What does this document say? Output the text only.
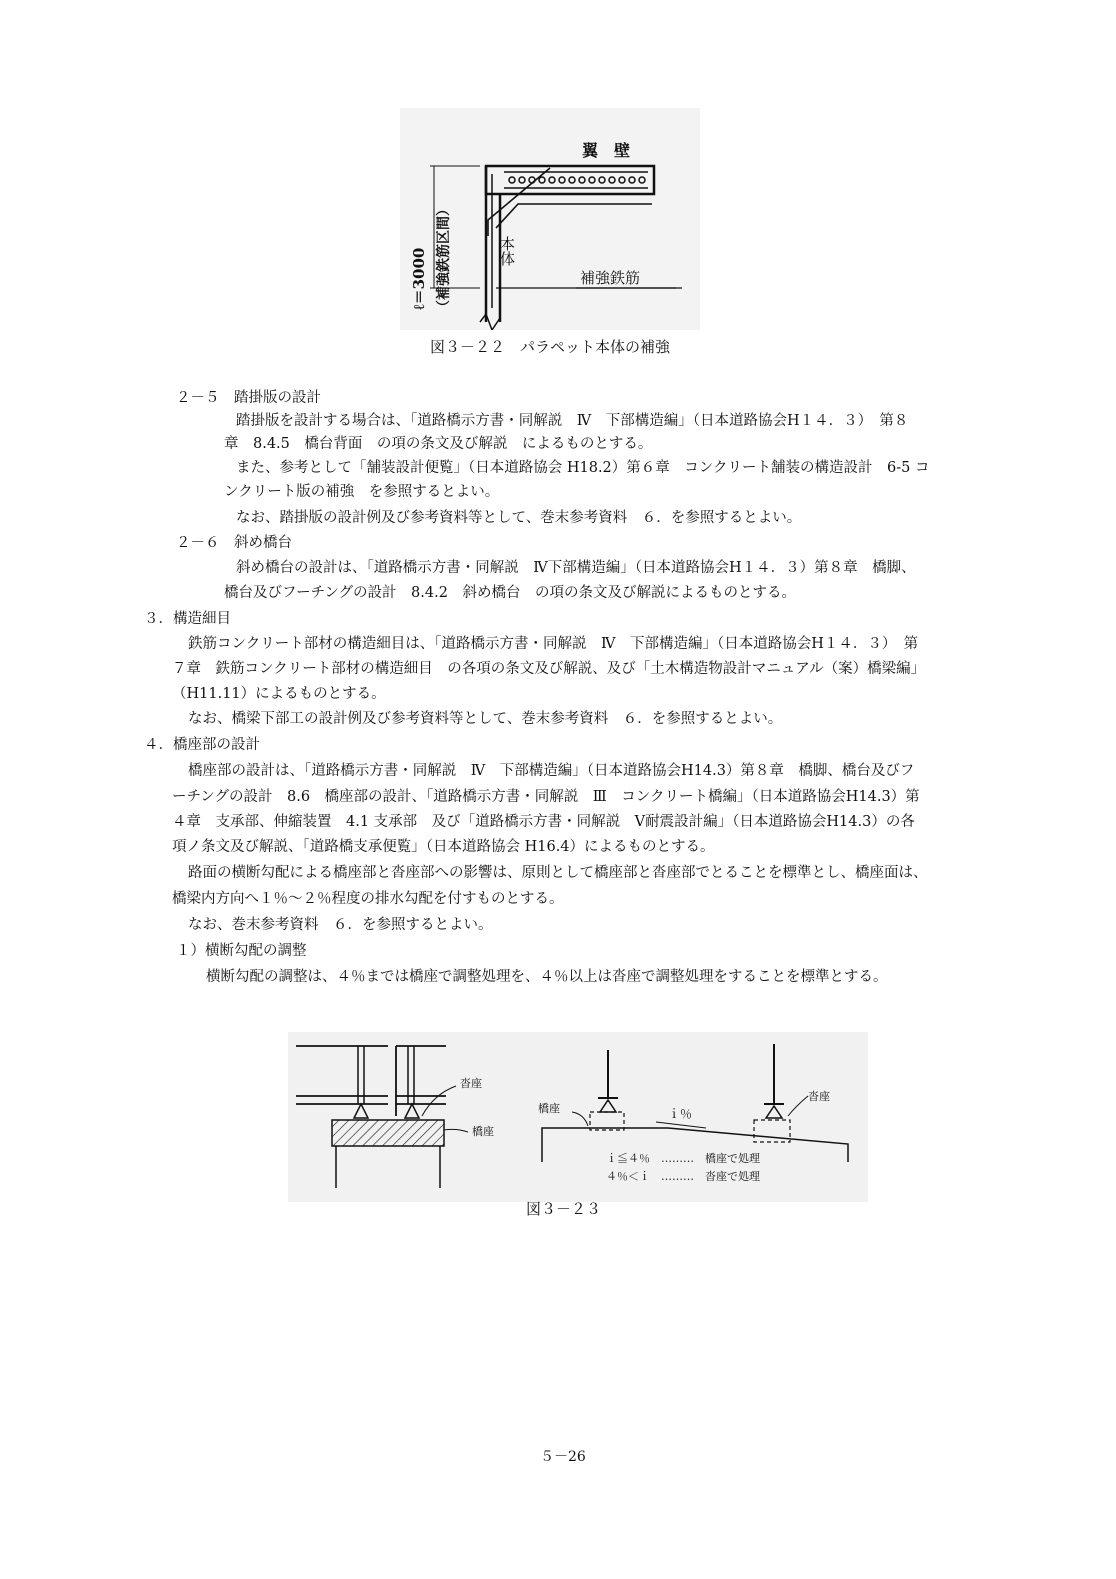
翼　壁
補強鉄筋
本体
ℓ＝3000 （補強鉄筋区間）
図３－２２　パラペット本体の補強
２－５　踏掛版の設計
踏掛版を設計する場合は、「道路橋示方書・同解説　Ⅳ　下部構造編」（日本道路協会H１４．３）　第８
章　8.4.5　橋台背面　の項の条文及び解説　によるものとする。
また、参考として「舗装設計便覧」（日本道路協会 H18.2）第６章　コンクリート舗装の構造設計　6-5 コ
ンクリート版の補強　を参照するとよい。
なお、踏掛版の設計例及び参考資料等として、巻末参考資料　６．を参照するとよい。
２－６　斜め橋台
斜め橋台の設計は、「道路橋示方書・同解説　Ⅳ下部構造編」（日本道路協会H１４．３）第８章　橋脚、
橋台及びフーチングの設計　8.4.2　斜め橋台　の項の条文及び解説によるものとする。
３．構造細目
鉄筋コンクリート部材の構造細目は、「道路橋示方書・同解説　Ⅳ　下部構造編」（日本道路協会H１４．３）　第
７章　鉄筋コンクリート部材の構造細目　の各項の条文及び解説、及び「土木構造物設計マニュアル（案）橋梁編」
（H11.11）によるものとする。
なお、橋梁下部工の設計例及び参考資料等として、巻末参考資料　６．を参照するとよい。
４．橋座部の設計
橋座部の設計は、「道路橋示方書・同解説　Ⅳ　下部構造編」（日本道路協会H14.3）第８章　橋脚、橋台及びフ
ーチングの設計　8.6　橋座部の設計、「道路橋示方書・同解説　Ⅲ　コンクリート橋編」（日本道路協会H14.3）第
４章　支承部、伸縮装置　4.1 支承部　及び「道路橋示方書・同解説　Ⅴ耐震設計編」（日本道路協会H14.3）の各
項ノ条文及び解説、「道路橋支承便覧」（日本道路協会 H16.4）によるものとする。
路面の横断勾配による橋座部と沓座部への影響は、原則として橋座部と沓座部でとることを標準とし、橋座面は、
橋梁内方向へ１％～２％程度の排水勾配を付すものとする。
なお、巻末参考資料　６．を参照するとよい。
１）横断勾配の調整
横断勾配の調整は、４％までは橋座で調整処理を、４％以上は沓座で調整処理をすることを標準とする。
沓座
橋座
橋座
沓座
ｉ％
ｉ≦４％　………　橋座で処理
４％＜ｉ　………　沓座で処理
図３－２３
５－26
